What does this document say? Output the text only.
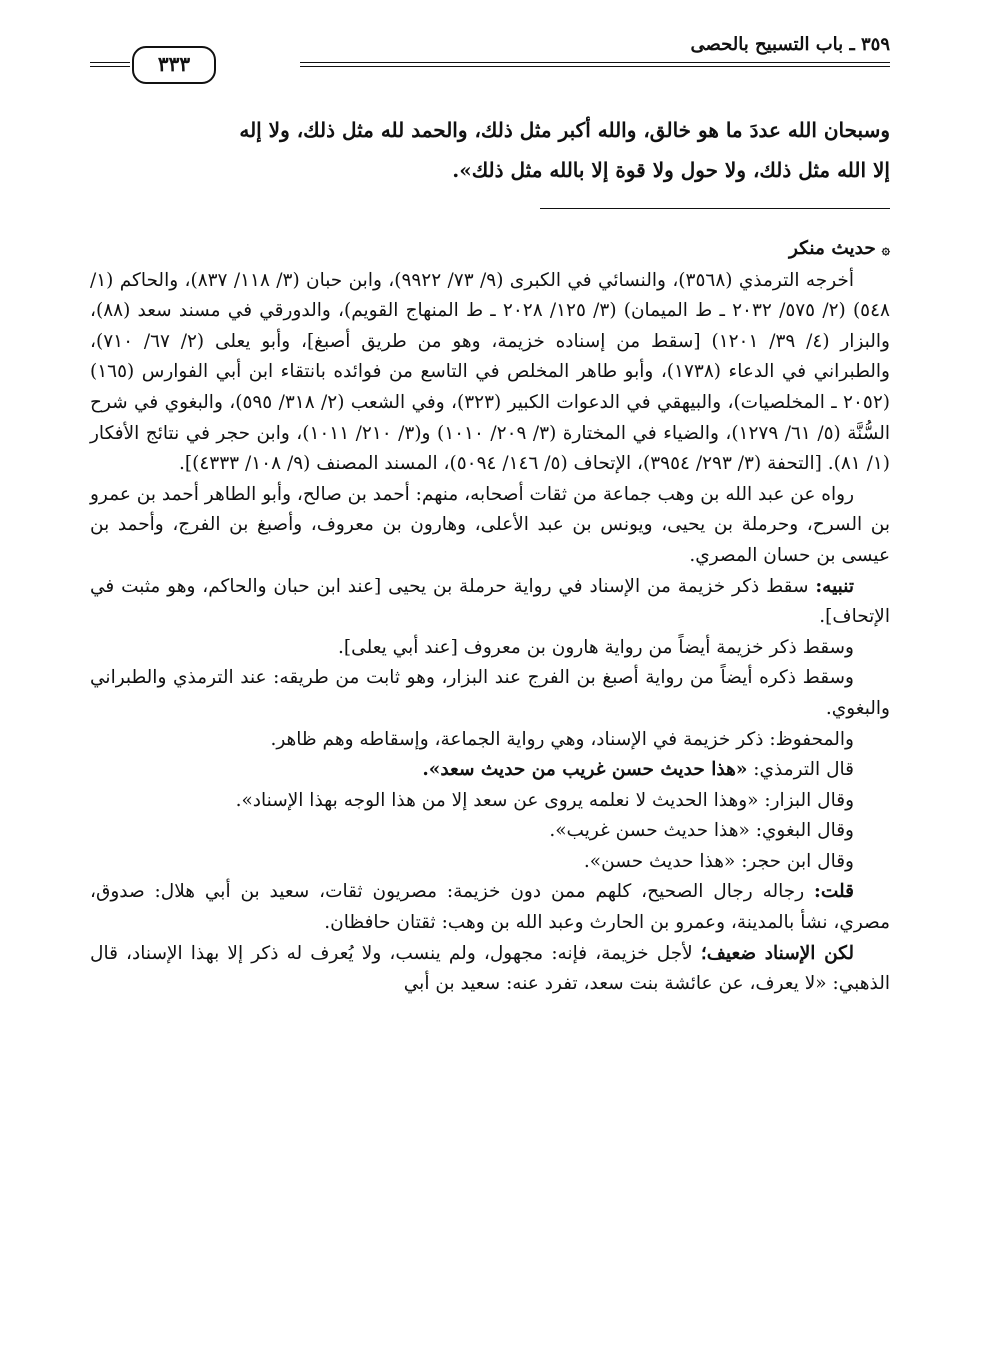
٣٥٩ ـ باب التسبيح بالحصى
٣٣٣

وسبحان الله عددَ ما هو خالق، والله أكبر مثل ذلك، والحمد لله مثل ذلك، ولا إله

إلا الله مثل ذلك، ولا حول ولا قوة إلا بالله مثل ذلك».

۞حديث منكر

أخرجه الترمذي (٣٥٦٨)، والنسائي في الكبرى (٩/ ٧٣/ ٩٩٢٢)، وابن حبان (٣/ ١١٨/ ٨٣٧)، والحاكم (١/ ٥٤٨) (٢/ ٥٧٥/ ٢٠٣٢ ـ ط الميمان) (٣/ ١٢٥/ ٢٠٢٨ ـ ط المنهاج القويم)، والدورقي في مسند سعد (٨٨)، والبزار (٤/ ٣٩/ ١٢٠١) [سقط من إسناده خزيمة، وهو من طريق أصبغ]، وأبو يعلى (٢/ ٦٧/ ٧١٠)، والطبراني في الدعاء (١٧٣٨)، وأبو طاهر المخلص في التاسع من فوائده بانتقاء ابن أبي الفوارس (١٦٥) (٢٠٥٢ ـ المخلصيات)، والبيهقي في الدعوات الكبير (٣٢٣)، وفي الشعب (٢/ ٣١٨/ ٥٩٥)، والبغوي في شرح السُّنَّة (٥/ ٦١/ ١٢٧٩)، والضياء في المختارة (٣/ ٢٠٩/ ١٠١٠) و(٣/ ٢١٠/ ١٠١١)، وابن حجر في نتائج الأفكار (١/ ٨١). [التحفة (٣/ ٢٩٣/ ٣٩٥٤)، الإتحاف (٥/ ١٤٦/ ٥٠٩٤)، المسند المصنف (٩/ ١٠٨/ ٤٣٣٣)].

رواه عن عبد الله بن وهب جماعة من ثقات أصحابه، منهم: أحمد بن صالح، وأبو الطاهر أحمد بن عمرو بن السرح، وحرملة بن يحيى، ويونس بن عبد الأعلى، وهارون بن معروف، وأصبغ بن الفرج، وأحمد بن عيسى بن حسان المصري.

تنبيه: سقط ذكر خزيمة من الإسناد في رواية حرملة بن يحيى [عند ابن حبان والحاكم، وهو مثبت في الإتحاف].

وسقط ذكر خزيمة أيضاً من رواية هارون بن معروف [عند أبي يعلى].

وسقط ذكره أيضاً من رواية أصبغ بن الفرج عند البزار، وهو ثابت من طريقه: عند الترمذي والطبراني والبغوي.

والمحفوظ: ذكر خزيمة في الإسناد، وهي رواية الجماعة، وإسقاطه وهم ظاهر.

قال الترمذي: «هذا حديث حسن غريب من حديث سعد».

وقال البزار: «وهذا الحديث لا نعلمه يروى عن سعد إلا من هذا الوجه بهذا الإسناد».

وقال البغوي: «هذا حديث حسن غريب».

وقال ابن حجر: «هذا حديث حسن».

قلت: رجاله رجال الصحيح، كلهم ممن دون خزيمة: مصريون ثقات، سعيد بن أبي هلال: صدوق، مصري، نشأ بالمدينة، وعمرو بن الحارث وعبد الله بن وهب: ثقتان حافظان.

لكن الإسناد ضعيف؛ لأجل خزيمة، فإنه: مجهول، ولم ينسب، ولا يُعرف له ذكر إلا بهذا الإسناد، قال الذهبي: «لا يعرف، عن عائشة بنت سعد، تفرد عنه: سعيد بن أبي
